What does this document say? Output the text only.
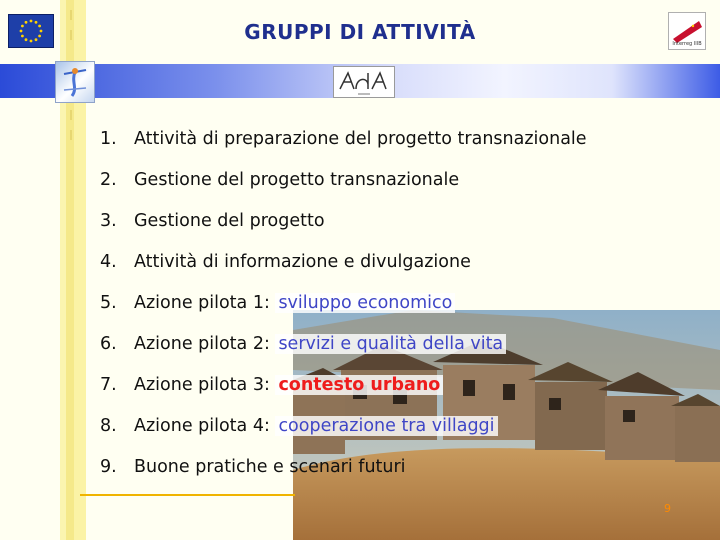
GRUPPI DI ATTIVITÀ	Interreg IIIB
1. Attività di preparazione del progetto transnazionale
2. Gestione del progetto transnazionale
3. Gestione del progetto
4. Attività di informazione e divulgazione
5. Azione pilota 1: sviluppo economico
6. Azione pilota 2: servizi e qualità della vita
7. Azione pilota 3: contesto urbano
8. Azione pilota 4: cooperazione tra villaggi
9. Buone pratiche e scenari futuri
9
